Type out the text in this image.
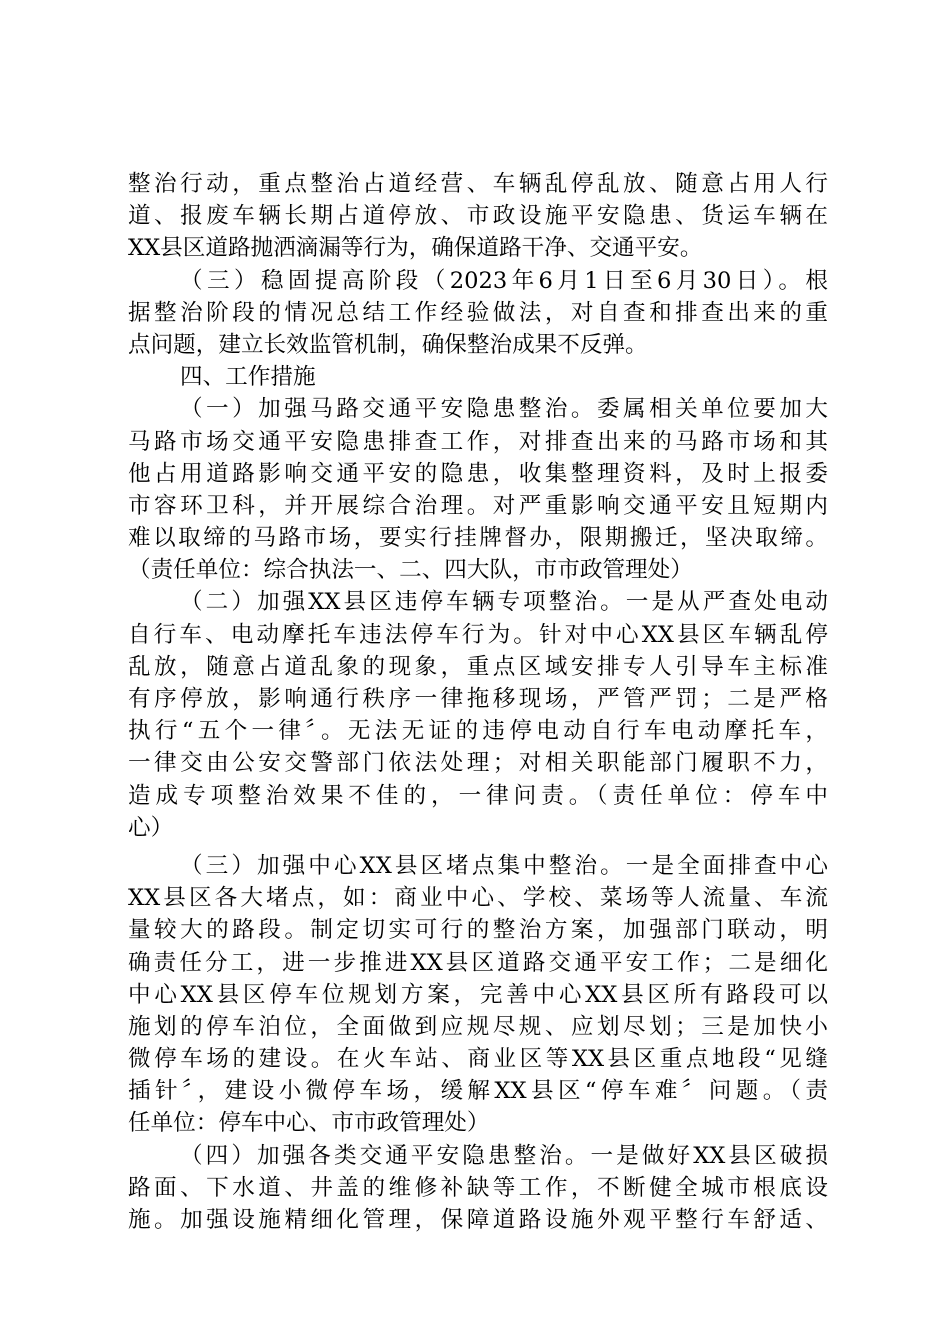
整治行动，重点整治占道经营、车辆乱停乱放、随意占用人行
道、报废车辆长期占道停放、市政设施平安隐患、货运车辆在
XX县区道路抛洒滴漏等行为，确保道路干净、交通平安。
（三）稳固提高阶段（2023年6月1日至6月30日）。根
据整治阶段的情况总结工作经验做法，对自查和排查出来的重
点问题，建立长效监管机制，确保整治成果不反弹。
四、工作措施
（一）加强马路交通平安隐患整治。委属相关单位要加大
马路市场交通平安隐患排查工作，对排查出来的马路市场和其
他占用道路影响交通平安的隐患，收集整理资料，及时上报委
市容环卫科，并开展综合治理。对严重影响交通平安且短期内
难以取缔的马路市场，要实行挂牌督办，限期搬迁，坚决取缔。
（责任单位：综合执法一、二、四大队，市市政管理处）
（二）加强XX县区违停车辆专项整治。一是从严查处电动
自行车、电动摩托车违法停车行为。针对中心XX县区车辆乱停
乱放，随意占道乱象的现象，重点区域安排专人引导车主标准
有序停放，影响通行秩序一律拖移现场，严管严罚；二是严格
执行“五个一律〞。无法无证的违停电动自行车电动摩托车，
一律交由公安交警部门依法处理；对相关职能部门履职不力，
造成专项整治效果不佳的，一律问责。（责任单位：停车中
心）
（三）加强中心XX县区堵点集中整治。一是全面排查中心
XX县区各大堵点，如：商业中心、学校、菜场等人流量、车流
量较大的路段。制定切实可行的整治方案，加强部门联动，明
确责任分工，进一步推进XX县区道路交通平安工作；二是细化
中心XX县区停车位规划方案，完善中心XX县区所有路段可以
施划的停车泊位，全面做到应规尽规、应划尽划；三是加快小
微停车场的建设。在火车站、商业区等XX县区重点地段“见缝
插针〞，建设小微停车场，缓解XX县区“停车难〞问题。（责
任单位：停车中心、市市政管理处）
（四）加强各类交通平安隐患整治。一是做好XX县区破损
路面、下水道、井盖的维修补缺等工作，不断健全城市根底设
施。加强设施精细化管理，保障道路设施外观平整行车舒适、
